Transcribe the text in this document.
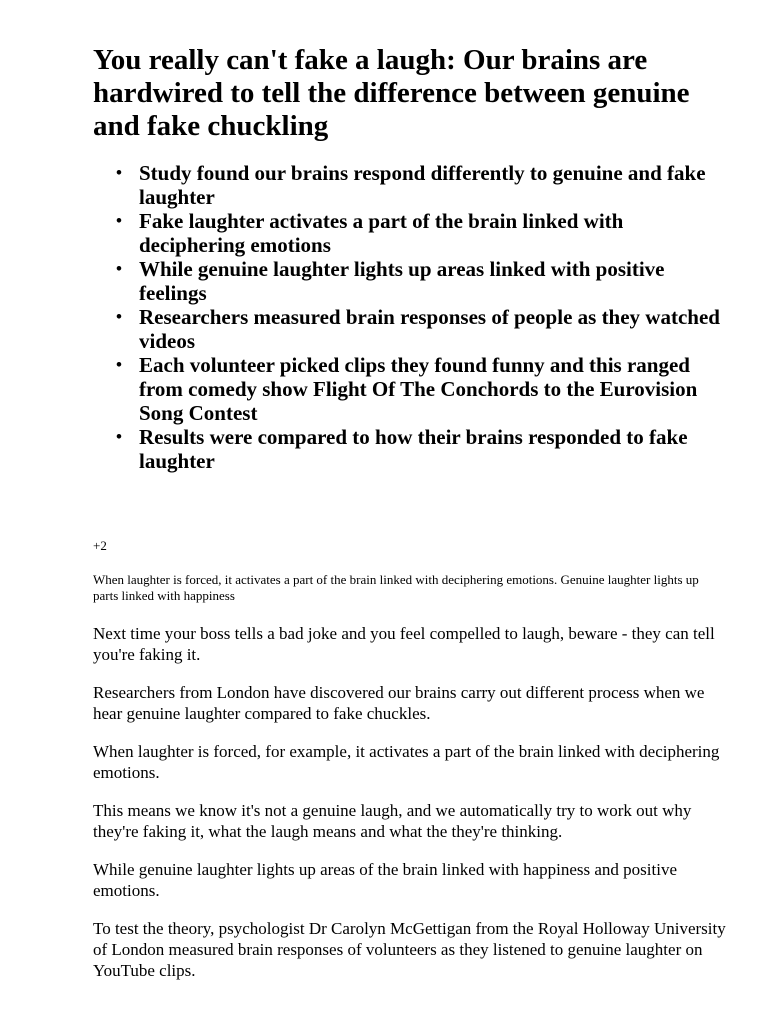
You really can't fake a laugh: Our brains are hardwired to tell the difference between genuine and fake chuckling
• Study found our brains respond differently to genuine and fake laughter
• Fake laughter activates a part of the brain linked with deciphering emotions
• While genuine laughter lights up areas linked with positive feelings
• Researchers measured brain responses of people as they watched videos
• Each volunteer picked clips they found funny and this ranged from comedy show Flight Of The Conchords to the Eurovision Song Contest
• Results were compared to how their brains responded to fake laughter
+2
When laughter is forced, it activates a part of the brain linked with deciphering emotions. Genuine laughter lights up parts linked with happiness

Next time your boss tells a bad joke and you feel compelled to laugh, beware - they can tell you're faking it.

Researchers from London have discovered our brains carry out different process when we hear genuine laughter compared to fake chuckles.

When laughter is forced, for example, it activates a part of the brain linked with deciphering emotions.

This means we know it's not a genuine laugh, and we automatically try to work out why they're faking it, what the laugh means and what the they're thinking.

While genuine laughter lights up areas of the brain linked with happiness and positive emotions.

To test the theory, psychologist Dr Carolyn McGettigan from the Royal Holloway University of London measured brain responses of volunteers as they listened to genuine laughter on YouTube clips.
